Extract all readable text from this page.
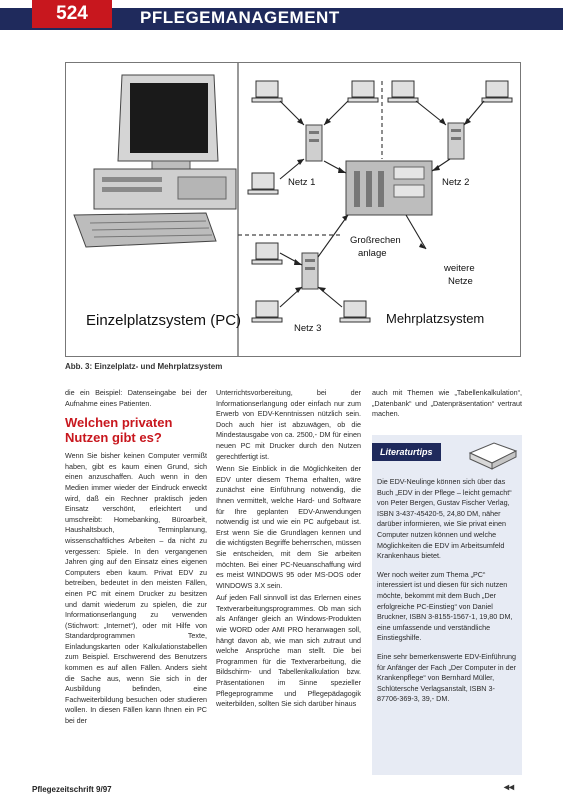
524	PFLEGEMANAGEMENT
Einzelplatzsystem (PC)	Mehrplatzsystem
Netz 1	Netz 2
Netz 3
Großrechen
anlage
weitere
Netze
Abb. 3: Einzelplatz- und Mehrplatzsystem

die ein Beispiel: Datenseingabe bei der Aufnahme eines Patienten.

Welchen privaten Nutzen gibt es?

Wenn Sie bisher keinen Computer vermißt haben, gibt es kaum einen Grund, sich einen anzuschaffen. Auch wenn in den Medien immer wieder der Eindruck erweckt wird, daß ein Rechner praktisch jeden Einsatz verschönt, erleichtert und umschreibt: Homebanking, Büroarbeit, Haushaltsbuch, Terminplanung, wissenschaftliches Arbeiten – da nicht zu vergessen: Spiele. In den vergangenen Jahren ging auf den Einsatz eines eigenen Computers eben kaum. Privat EDV zu betreiben, bedeutet in den meisten Fällen, einen PC mit einem Drucker zu besitzen und damit wiederum zu spielen, die zur Informationserlangung zu verwenden (Stichwort: „Internet“), oder mit Hilfe von Standardprogrammen Texte, Einladungskarten oder Kalkulationstabellen zum Beispiel. Erschwerend des Benutzers kommen es auf allen Fällen. Anders sieht die Sache aus, wenn Sie sich in der Ausbildung befinden, eine Fachweiterbildung besuchen oder studieren wollen. In diesen Fällen kann Ihnen ein PC bei der

Unterrichtsvorbereitung, bei der Informationserlangung oder einfach nur zum Erwerb von EDV-Kenntnissen nützlich sein. Doch auch hier ist abzuwägen, ob die Mindestausgabe von ca. 2500,- DM für einen neuen PC mit Drucker durch den Nutzen gerechtfertigt ist.

Wenn Sie Einblick in die Möglichkeiten der EDV unter diesem Thema erhalten, wäre zunächst eine Einführung notwendig, die Ihnen vermittelt, welche Hard- und Software für Ihre geplanten EDV-Anwendungen notwendig ist und wie ein PC aufgebaut ist. Erst wenn Sie die Grundlagen kennen und die wichtigsten Begriffe beherrschen, müssen Sie entscheiden, mit dem Sie arbeiten möchten. Bei einer PC-Neuanschaffung wird es meist WINDOWS 95 oder MS-DOS oder WINDOWS 3.X sein.

Auf jeden Fall sinnvoll ist das Erlernen eines Textverarbeitungsprogrammes. Ob man sich als Anfänger gleich an Windows-Produkten wie WORD oder AMI PRO heranwagen soll, hängt davon ab, wie man sich zutraut und welche Ansprüche man stellt. Die bei Programmen für die Textverarbeitung, die Bildschirm- und Tabellenkalkulation bzw. Präsentationen im Sinne spezieller Pflegeprogramme und Pflegepädagogik weiterbilden, sollten Sie sich darüber hinaus

auch mit Themen wie „Tabellenkalkulation“, „Datenbank“ und „Datenpräsentation“ vertraut machen.

Literaturtips

Die EDV-Neulinge können sich über das Buch „EDV in der Pflege – leicht gemacht“ von Peter Bergen, Gustav Fischer Verlag, ISBN 3-437-45420-5, 24,80 DM, näher darüber informieren, wie Sie privat einen Computer nutzen können und welche Möglichkeiten die EDV im Arbeitsumfeld Krankenhaus bietet.

Wer noch weiter zum Thema „PC“ interessiert ist und diesen für sich nutzen möchte, bekommt mit dem Buch „Der erfolgreiche PC-Einstieg“ von Daniel Bruckner, ISBN 3-8155-1567-1, 19,80 DM, eine umfassende und verständliche Einstiegshilfe.

Eine sehr bemerkenswerte EDV-Einführung für Anfänger der Fach „Der Computer in der Krankenpflege“ von Bernhard Müller, Schlütersche Verlagsanstalt, ISBN 3-87706-369-3, 39,- DM.

Pflegezeitschrift 9/97	◂◂
